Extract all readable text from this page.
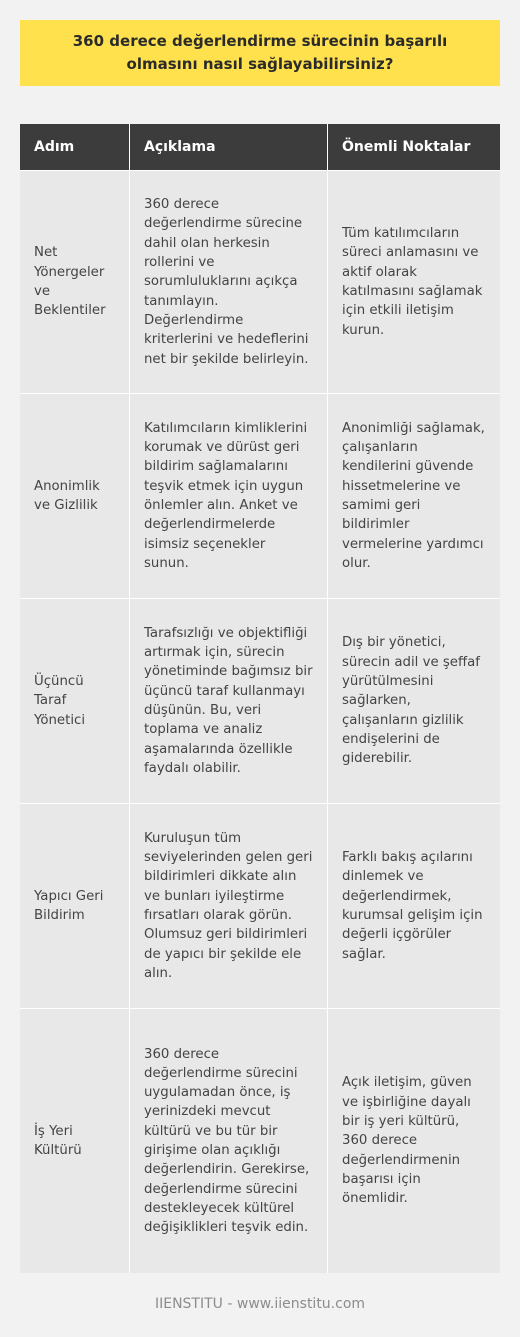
360 derece değerlendirme sürecinin başarılı olmasını nasıl sağlayabilirsiniz?
Adım	Açıklama	Önemli Noktalar
Net Yönergeler ve Beklentiler	360 derece değerlendirme sürecine dahil olan herkesin rollerini ve sorumluluklarını açıkça tanımlayın. Değerlendirme kriterlerini ve hedeflerini net bir şekilde belirleyin.	Tüm katılımcıların süreci anlamasını ve aktif olarak katılmasını sağlamak için etkili iletişim kurun.
Anonimlik ve Gizlilik	Katılımcıların kimliklerini korumak ve dürüst geri bildirim sağlamalarını teşvik etmek için uygun önlemler alın. Anket ve değerlendirmelerde isimsiz seçenekler sunun.	Anonimliği sağlamak, çalışanların kendilerini güvende hissetmelerine ve samimi geri bildirimler vermelerine yardımcı olur.
Üçüncü Taraf Yönetici	Tarafsızlığı ve objektifliği artırmak için, sürecin yönetiminde bağımsız bir üçüncü taraf kullanmayı düşünün. Bu, veri toplama ve analiz aşamalarında özellikle faydalı olabilir.	Dış bir yönetici, sürecin adil ve şeffaf yürütülmesini sağlarken, çalışanların gizlilik endişelerini de giderebilir.
Yapıcı Geri Bildirim	Kuruluşun tüm seviyelerinden gelen geri bildirimleri dikkate alın ve bunları iyileştirme fırsatları olarak görün. Olumsuz geri bildirimleri de yapıcı bir şekilde ele alın.	Farklı bakış açılarını dinlemek ve değerlendirmek, kurumsal gelişim için değerli içgörüler sağlar.
İş Yeri Kültürü	360 derece değerlendirme sürecini uygulamadan önce, iş yerinizdeki mevcut kültürü ve bu tür bir girişime olan açıklığı değerlendirin. Gerekirse, değerlendirme sürecini destekleyecek kültürel değişiklikleri teşvik edin.	Açık iletişim, güven ve işbirliğine dayalı bir iş yeri kültürü, 360 derece değerlendirmenin başarısı için önemlidir.
IIENSTITU - www.iienstitu.com
